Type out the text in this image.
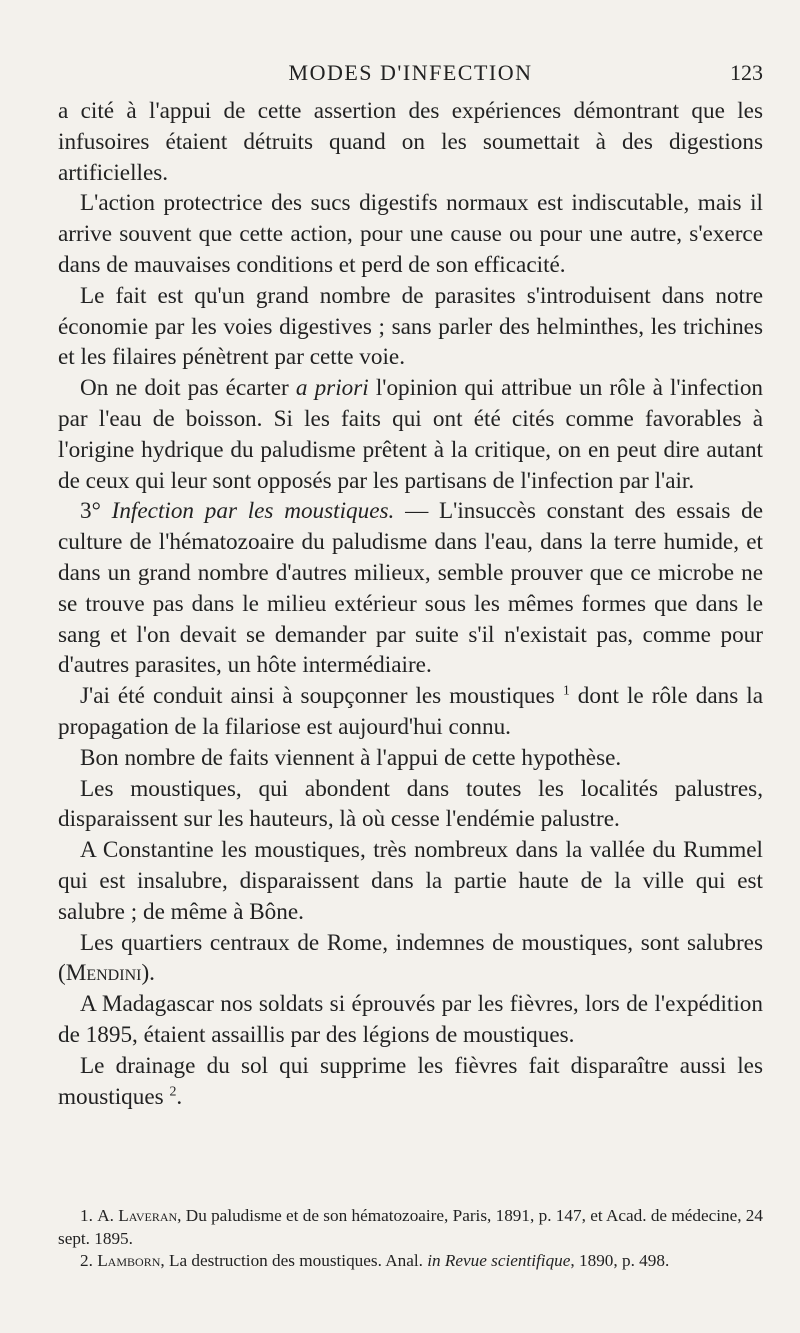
MODES D'INFECTION	123

a cité à l'appui de cette assertion des expériences démontrant que les infusoires étaient détruits quand on les soumettait à des digestions artificielles.

L'action protectrice des sucs digestifs normaux est indiscutable, mais il arrive souvent que cette action, pour une cause ou pour une autre, s'exerce dans de mauvaises conditions et perd de son efficacité.

Le fait est qu'un grand nombre de parasites s'introduisent dans notre économie par les voies digestives ; sans parler des helminthes, les trichines et les filaires pénètrent par cette voie.

On ne doit pas écarter a priori l'opinion qui attribue un rôle à l'infection par l'eau de boisson. Si les faits qui ont été cités comme favorables à l'origine hydrique du paludisme prêtent à la critique, on en peut dire autant de ceux qui leur sont opposés par les partisans de l'infection par l'air.

3° Infection par les moustiques. — L'insuccès constant des essais de culture de l'hématozoaire du paludisme dans l'eau, dans la terre humide, et dans un grand nombre d'autres milieux, semble prouver que ce microbe ne se trouve pas dans le milieu extérieur sous les mêmes formes que dans le sang et l'on devait se demander par suite s'il n'existait pas, comme pour d'autres parasites, un hôte intermédiaire.

J'ai été conduit ainsi à soupçonner les moustiques $^1$ dont le rôle dans la propagation de la filariose est aujourd'hui connu.

Bon nombre de faits viennent à l'appui de cette hypothèse.

Les moustiques, qui abondent dans toutes les localités palustres, disparaissent sur les hauteurs, là où cesse l'endémie palustre.

A Constantine les moustiques, très nombreux dans la vallée du Rummel qui est insalubre, disparaissent dans la partie haute de la ville qui est salubre ; de même à Bône.

Les quartiers centraux de Rome, indemnes de moustiques, sont salubres (Mendini).

A Madagascar nos soldats si éprouvés par les fièvres, lors de l'expédition de 1895, étaient assaillis par des légions de moustiques.

Le drainage du sol qui supprime les fièvres fait disparaître aussi les moustiques $^2$.

1. A. Laveran, Du paludisme et de son hématozoaire, Paris, 1891, p. 147, et Acad. de médecine, 24 sept. 1895.

2. Lamborn, La destruction des moustiques. Anal. in Revue scientifique, 1890, p. 498.
